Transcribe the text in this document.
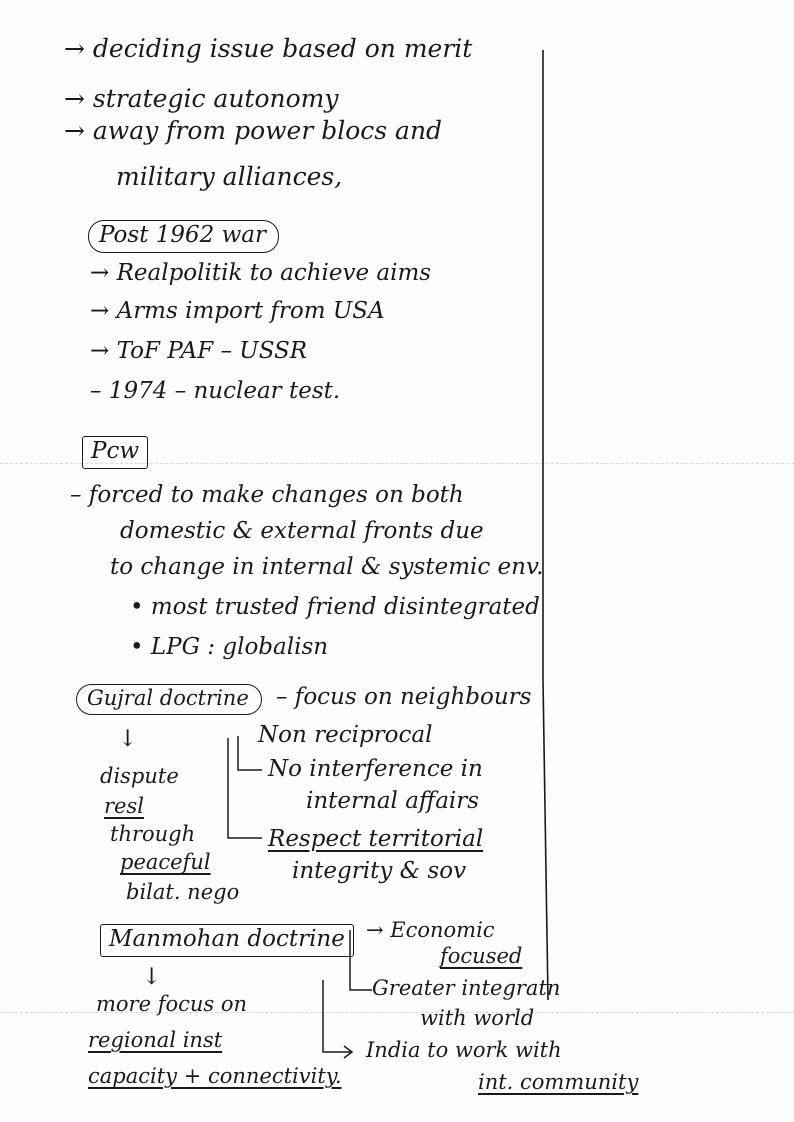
→ deciding issue based on merit
→ strategic autonomy
→ away from power blocs and
military alliances,
Post 1962 war
→ Realpolitik to achieve aims
→ Arms import from USA
→ ToF PAF – USSR
– 1974 – nuclear test.
Pcw
– forced to make changes on both
domestic & external fronts due
to change in internal & systemic env.
• most trusted friend disintegrated
• LPG : globalisn
Gujral doctrine	– focus on neighbours
↓
dispute
resl
through
peaceful
bilat. nego
Non reciprocal
No interference in
internal affairs
Respect territorial
integrity & sov
Manmohan doctrine	→ Economic
focused
Greater integratn
with world
India to work with
int. community
↓
more focus on
regional inst
capacity + connectivity.
